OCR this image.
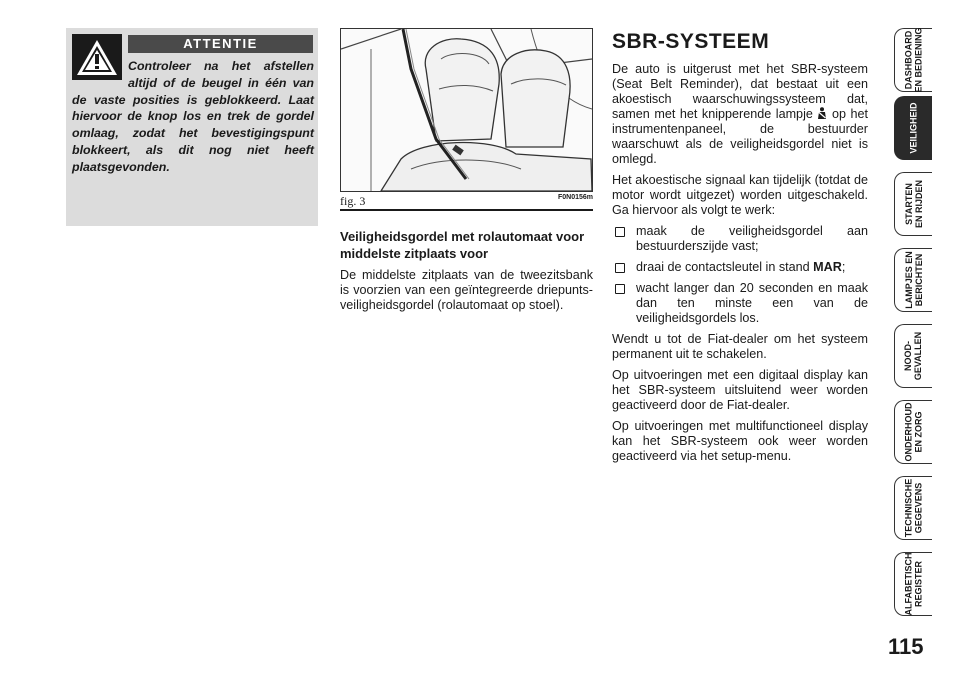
ATTENTIE

Controleer na het afstellen altijd of de beugel in één van de vaste posities is geblokkeerd. Laat hiervoor de knop los en trek de gordel omlaag, zodat het bevestigingspunt blokkeert, als dit nog niet heeft plaatsgevonden.

fig. 3	F0N0156m

Veiligheidsgordel met rolautomaat voor middelste zitplaats voor

De middelste zitplaats van de tweezitsbank is voorzien van een geïntegreerde driepunts-veiligheidsgordel (rolautomaat op stoel).

SBR-SYSTEEM

De auto is uitgerust met het SBR-systeem (Seat Belt Reminder), dat bestaat uit een akoestisch waarschuwingssysteem dat, samen met het knipperende lampje op het instrumentenpaneel, de bestuurder waarschuwt als de veiligheidsgordel niet is omlegd.

Het akoestische signaal kan tijdelijk (totdat de motor wordt uitgezet) worden uitgeschakeld. Ga hiervoor als volgt te werk:

maak de veiligheidsgordel aan bestuurderszijde vast;
draai de contactsleutel in stand MAR;
wacht langer dan 20 seconden en maak dan ten minste een van de veiligheidsgordels los.

Wendt u tot de Fiat-dealer om het systeem permanent uit te schakelen.

Op uitvoeringen met een digitaal display kan het SBR-systeem uitsluitend weer worden geactiveerd door de Fiat-dealer.

Op uitvoeringen met multifunctioneel display kan het SBR-systeem ook weer worden geactiveerd via het setup-menu.

DASHBOARD
EN BEDIENING
VEILIGHEID
STARTEN
EN RIJDEN
LAMPJES EN
BERICHTEN
NOOD-
GEVALLEN
ONDERHOUD
EN ZORG
TECHNISCHE
GEGEVENS
ALFABETISCH
REGISTER
115
